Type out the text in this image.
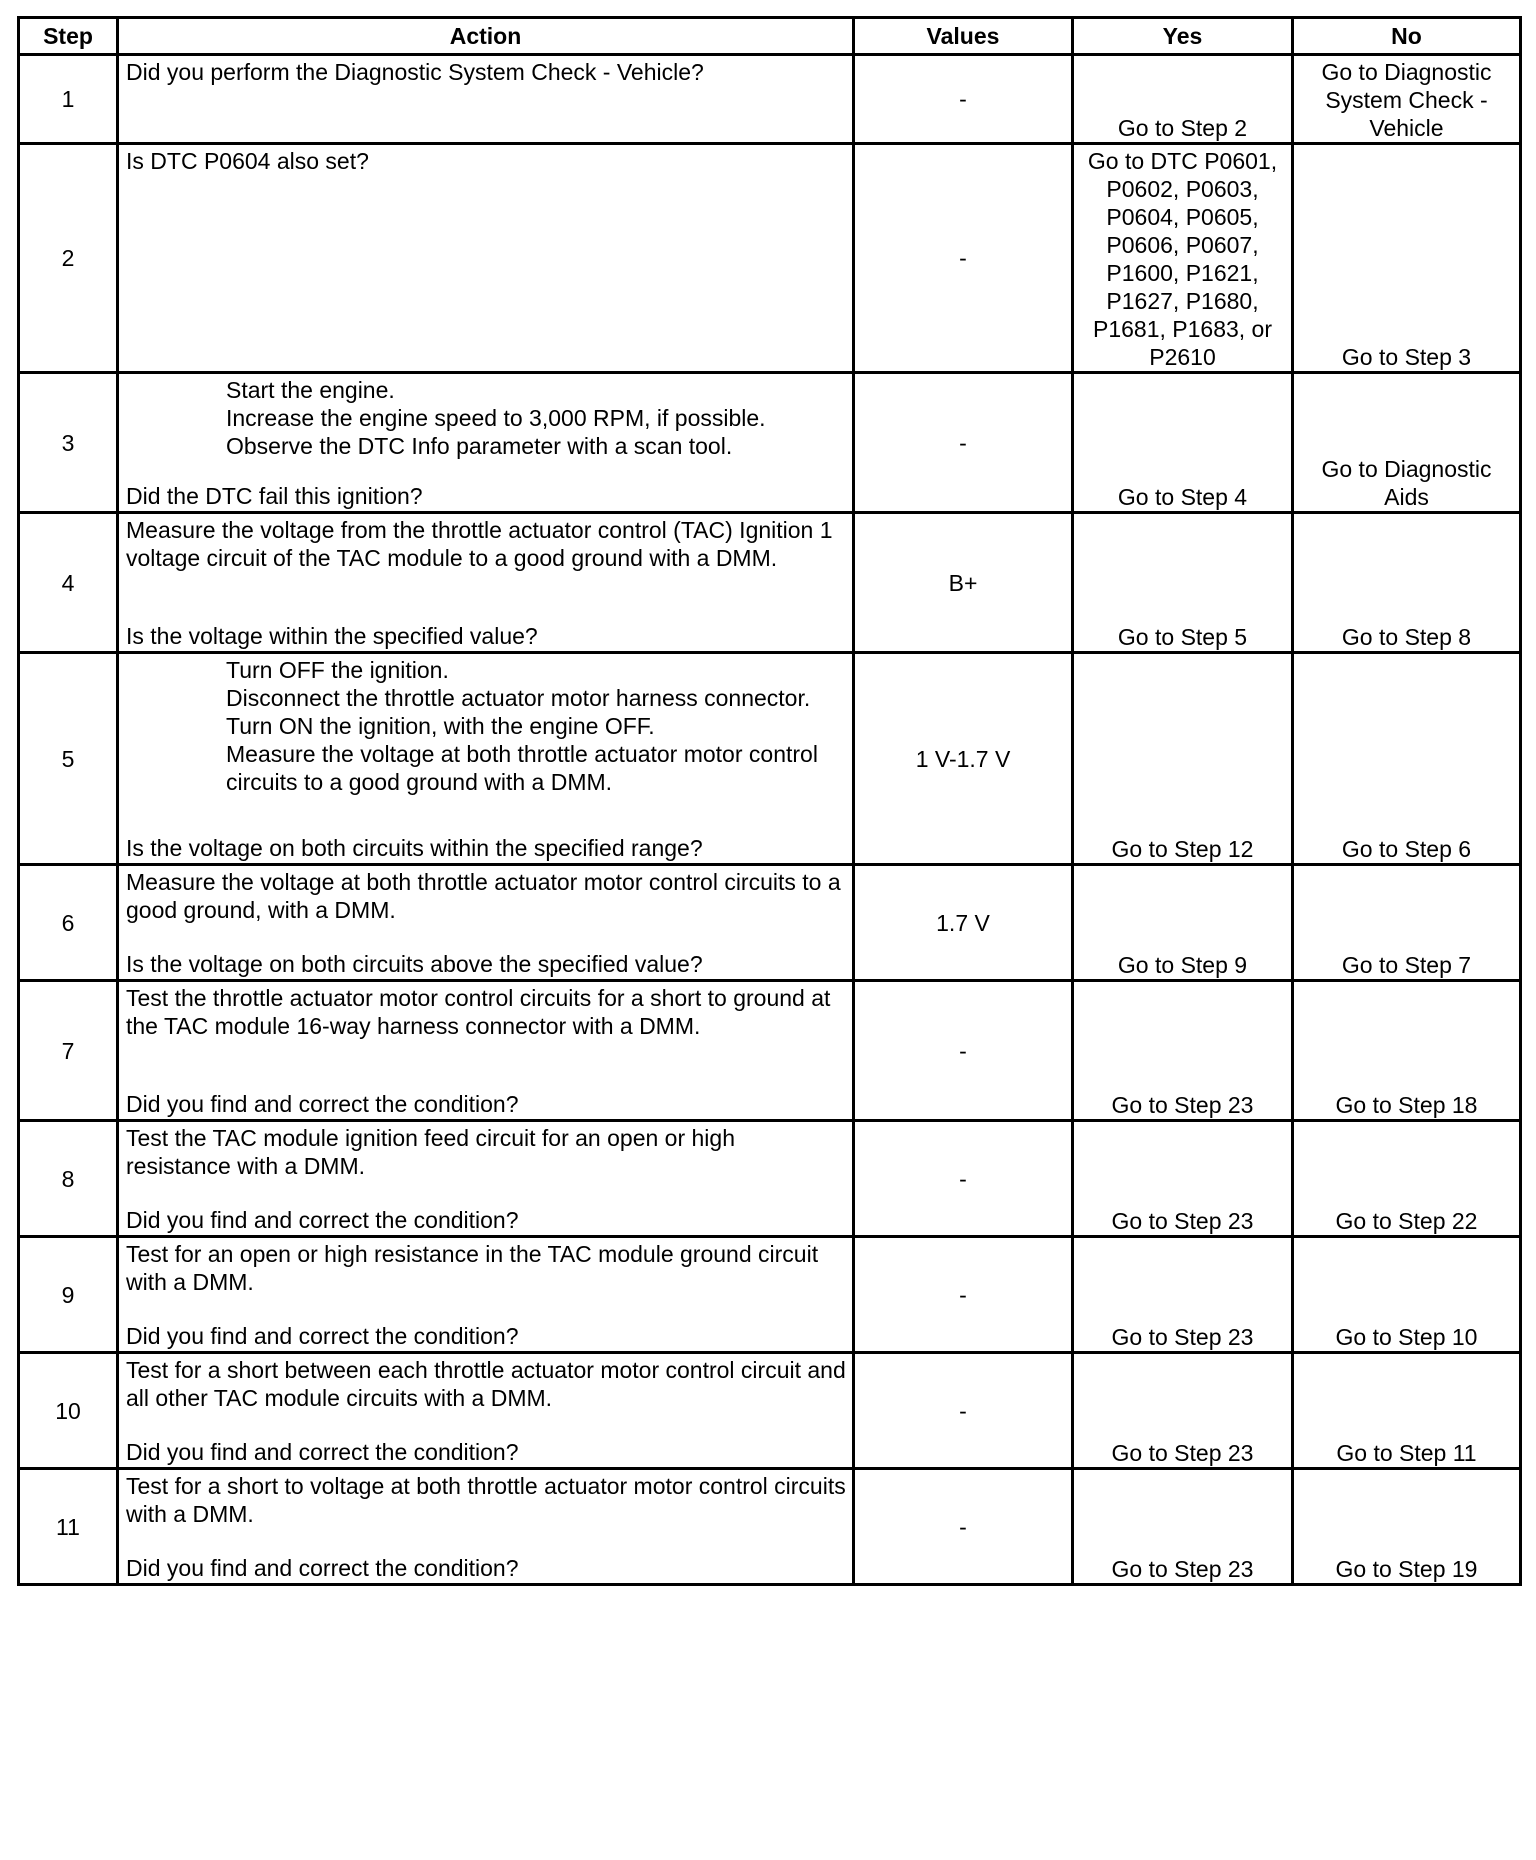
Step	Action	Values	Yes	No
1	Did you perform the Diagnostic System Check - Vehicle?	-	Go to Step 2	Go to Diagnostic System Check - Vehicle
2	Is DTC P0604 also set?	-	Go to DTC P0601, P0602, P0603, P0604, P0605, P0606, P0607, P1600, P1621, P1627, P1680, P1681, P1683, or P2610	Go to Step 3
3	Start the engine.
Increase the engine speed to 3,000 RPM, if possible.
Observe the DTC Info parameter with a scan tool.
Did the DTC fail this ignition?	-	Go to Step 4	Go to Diagnostic Aids
4	Measure the voltage from the throttle actuator control (TAC) Ignition 1 voltage circuit of the TAC module to a good ground with a DMM.
Is the voltage within the specified value?	B+	Go to Step 5	Go to Step 8
5	Turn OFF the ignition.
Disconnect the throttle actuator motor harness connector.
Turn ON the ignition, with the engine OFF.
Measure the voltage at both throttle actuator motor control circuits to a good ground with a DMM.
Is the voltage on both circuits within the specified range?	1 V-1.7 V	Go to Step 12	Go to Step 6
6	Measure the voltage at both throttle actuator motor control circuits to a good ground, with a DMM.
Is the voltage on both circuits above the specified value?	1.7 V	Go to Step 9	Go to Step 7
7	Test the throttle actuator motor control circuits for a short to ground at the TAC module 16-way harness connector with a DMM.
Did you find and correct the condition?	-	Go to Step 23	Go to Step 18
8	Test the TAC module ignition feed circuit for an open or high resistance with a DMM.
Did you find and correct the condition?	-	Go to Step 23	Go to Step 22
9	Test for an open or high resistance in the TAC module ground circuit with a DMM.
Did you find and correct the condition?	-	Go to Step 23	Go to Step 10
10	Test for a short between each throttle actuator motor control circuit and all other TAC module circuits with a DMM.
Did you find and correct the condition?	-	Go to Step 23	Go to Step 11
11	Test for a short to voltage at both throttle actuator motor control circuits with a DMM.
Did you find and correct the condition?	-	Go to Step 23	Go to Step 19
